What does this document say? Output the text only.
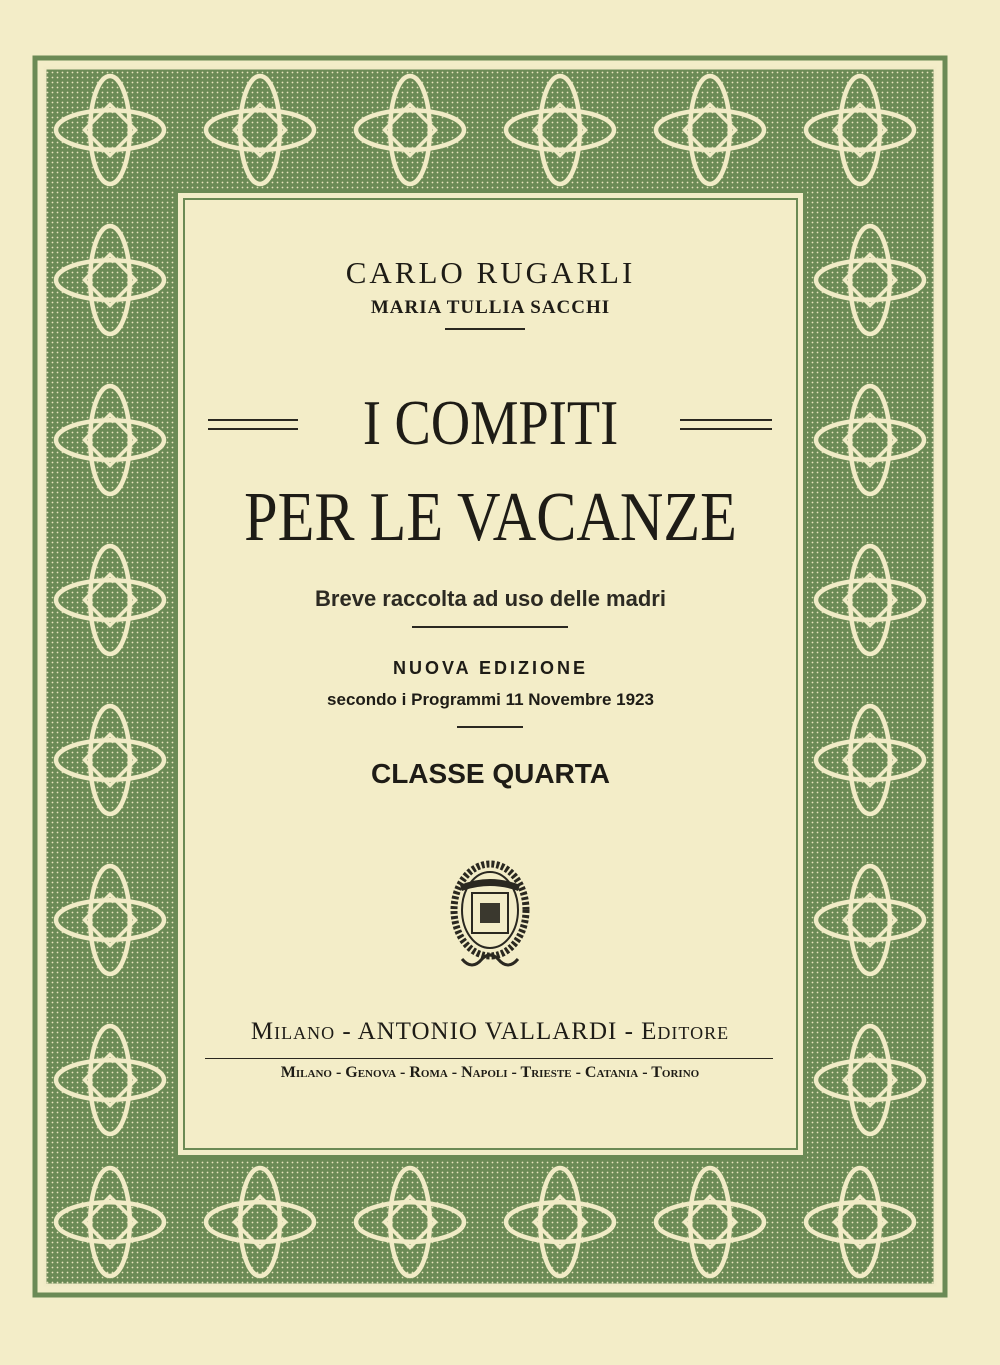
CARLO RUGARLI
MARIA TULLIA SACCHI
I COMPITI
PER LE VACANZE
Breve raccolta ad uso delle madri
NUOVA EDIZIONE
secondo i Programmi 11 Novembre 1923
CLASSE QUARTA
Milano - ANTONIO VALLARDI - Editore
Milano - Genova - Roma - Napoli - Trieste - Catania - Torino
